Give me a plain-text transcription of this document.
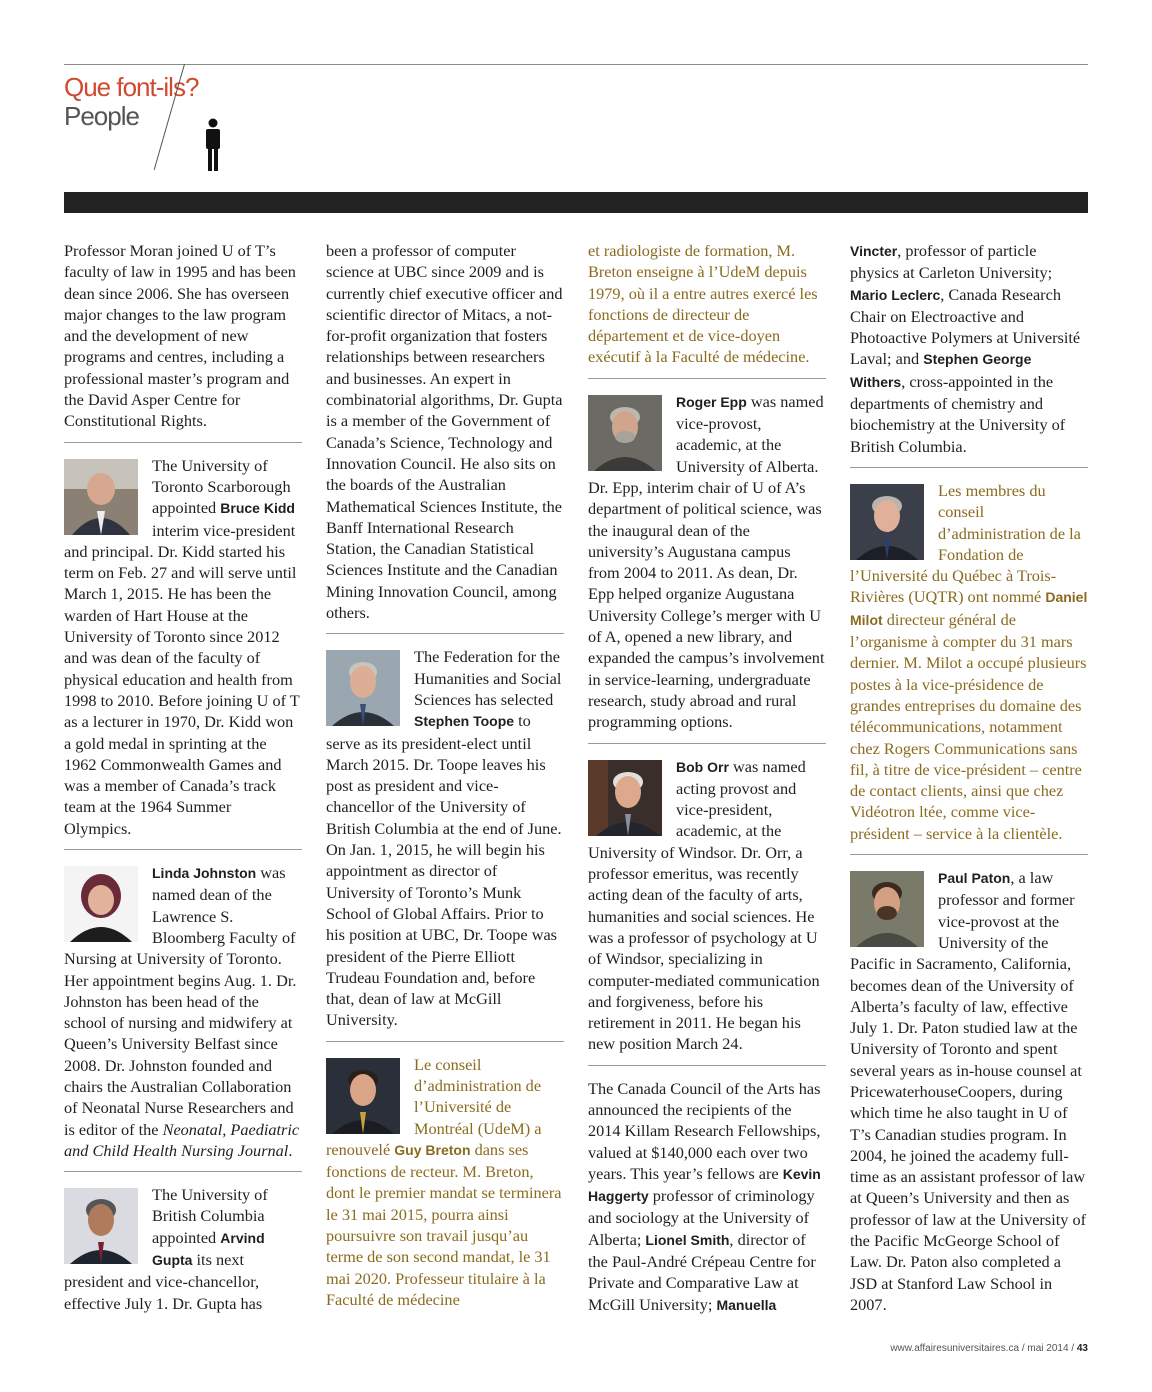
Que font-ils?
People

Professor Moran joined U of T’s faculty of law in 1995 and has been dean since 2006. She has overseen major changes to the law program and the development of new programs and centres, including a professional master’s program and the David Asper Centre for Constitutional Rights.

The University of Toronto Scarborough appointed Bruce Kidd interim vice-president and principal. Dr. Kidd started his term on Feb. 27 and will serve until March 1, 2015. He has been the warden of Hart House at the University of Toronto since 2012 and was dean of the faculty of physical education and health from 1998 to 2010. Before joining U of T as a lecturer in 1970, Dr. Kidd won a gold medal in sprinting at the 1962 Commonwealth Games and was a member of Canada’s track team at the 1964 Summer Olympics.

Linda Johnston was named dean of the Lawrence S. Bloomberg Faculty of Nursing at University of Toronto. Her appointment begins Aug. 1. Dr. Johnston has been head of the school of nursing and midwifery at Queen’s University Belfast since 2008. Dr. Johnston founded and chairs the Australian Collaboration of Neonatal Nurse Researchers and is editor of the Neonatal, Paediatric and Child Health Nursing Journal.

The University of British Columbia appointed Arvind Gupta its next president and vice-chancellor, effective July 1. Dr. Gupta has

been a professor of computer science at UBC since 2009 and is currently chief executive officer and scientific director of Mitacs, a not-for-profit organization that fosters relationships between researchers and businesses. An expert in combinatorial algorithms, Dr. Gupta is a member of the Government of Canada’s Science, Technology and Innovation Council. He also sits on the boards of the Australian Mathematical Sciences Institute, the Banff International Research Station, the Canadian Statistical Sciences Institute and the Canadian Mining Innovation Council, among others.

The Federation for the Humanities and Social Sciences has selected Stephen Toope to serve as its president-elect until March 2015. Dr. Toope leaves his post as president and vice-chancellor of the University of British Columbia at the end of June. On Jan. 1, 2015, he will begin his appointment as director of University of Toronto’s Munk School of Global Affairs. Prior to his position at UBC, Dr. Toope was president of the Pierre Elliott Trudeau Foundation and, before that, dean of law at McGill University.

Le conseil d’administration de l’Université de Montréal (UdeM) a renouvelé Guy Breton dans ses fonctions de recteur. M. Breton, dont le premier mandat se terminera le 31 mai 2015, pourra ainsi poursuivre son travail jusqu’au terme de son second mandat, le 31 mai 2020. Professeur titulaire à la Faculté de médecine

et radiologiste de formation, M. Breton enseigne à l’UdeM depuis 1979, où il a entre autres exercé les fonctions de directeur de département et de vice-doyen exécutif à la Faculté de médecine.

Roger Epp was named vice-provost, academic, at the University of Alberta. Dr. Epp, interim chair of U of A’s department of political science, was the inaugural dean of the university’s Augustana campus from 2004 to 2011. As dean, Dr. Epp helped organize Augustana University College’s merger with U of A, opened a new library, and expanded the campus’s involvement in service-learning, undergraduate research, study abroad and rural programming options.

Bob Orr was named acting provost and vice-president, academic, at the University of Windsor. Dr. Orr, a professor emeritus, was recently acting dean of the faculty of arts, humanities and social sciences. He was a professor of psychology at U of Windsor, specializing in computer-mediated communication and forgiveness, before his retirement in 2011. He began his new position March 24.

The Canada Council of the Arts has announced the recipients of the 2014 Killam Research Fellowships, valued at $140,000 each over two years. This year’s fellows are Kevin Haggerty professor of criminology and sociology at the University of Alberta; Lionel Smith, director of the Paul-André Crépeau Centre for Private and Comparative Law at McGill University; Manuella

Vincter, professor of particle physics at Carleton University; Mario Leclerc, Canada Research Chair on Electroactive and Photoactive Polymers at Université Laval; and Stephen George Withers, cross-appointed in the departments of chemistry and biochemistry at the University of British Columbia.

Les membres du conseil d’administration de la Fondation de l’Université du Québec à Trois-Rivières (UQTR) ont nommé Daniel Milot directeur général de l’organisme à compter du 31 mars dernier. M. Milot a occupé plusieurs postes à la vice-présidence de grandes entreprises du domaine des télécommunications, notamment chez Rogers Communications sans fil, à titre de vice-président – centre de contact clients, ainsi que chez Vidéotron ltée, comme vice-président – service à la clientèle.

Paul Paton, a law professor and former vice-provost at the University of the Pacific in Sacramento, California, becomes dean of the University of Alberta’s faculty of law, effective July 1. Dr. Paton studied law at the University of Toronto and spent several years as in-house counsel at PricewaterhouseCoopers, during which time he also taught in U of T’s Canadian studies program. In 2004, he joined the academy full-time as an assistant professor of law at Queen’s University and then as professor of law at the University of the Pacific McGeorge School of Law. Dr. Paton also completed a JSD at Stanford Law School in 2007.

www.affairesuniversitaires.ca / mai 2014 / 43
